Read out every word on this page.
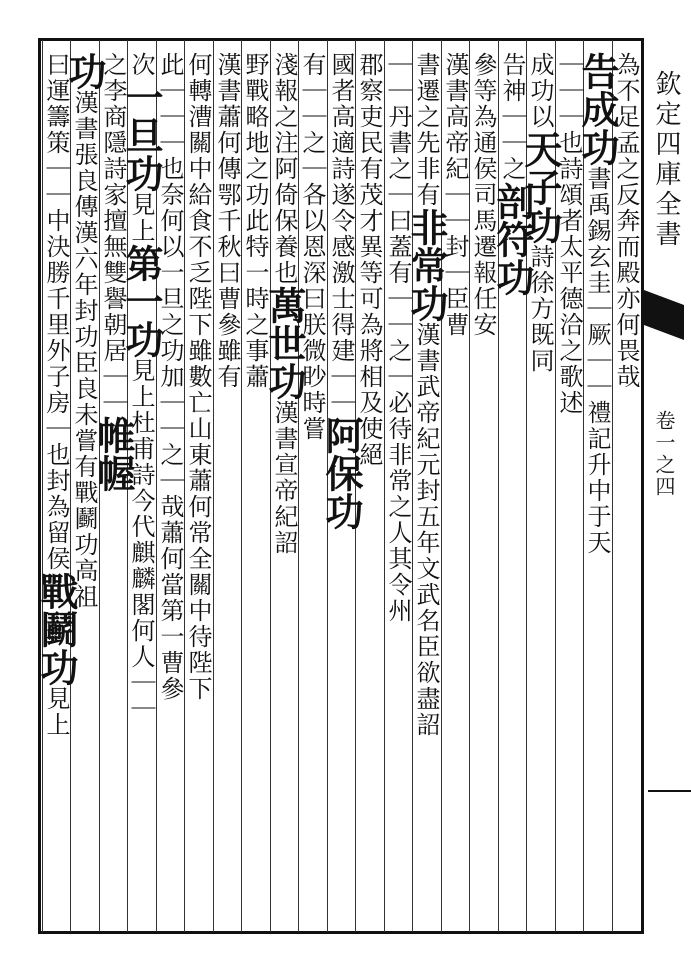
欽定四庫全書
卷一之四
為不足孟之反奔而殿亦何畏哉
告成功書禹錫玄圭｜厥｜｜禮記升中于天
｜｜｜也詩頌者太平德洽之歌述
成功以天子功詩徐方既同
告神｜｜之剖符功
參等為通侯司馬遷報任安
漢書高帝紀｜｜封｜臣曹
書遷之先非有非常功漢書武帝紀元封五年文武名臣欲盡詔
｜｜丹書之｜曰蓋有｜｜之｜必待非常之人其令州
郡察吏民有茂才異等可為將相及使絕
國者高適詩遂令感激士得建｜｜阿保功
有｜｜之｜各以恩深曰朕微眇時嘗
淺報之注阿倚保養也萬世功漢書宣帝紀詔
野戰略地之功此特一時之事蕭
漢書蕭何傳鄂千秋曰曹參雖有
何轉漕關中給食不乏陛下雖數亡山東蕭何常全關中待陛下
此｜｜｜也奈何以一旦之功加｜｜之｜哉蕭何當第一曹參
次一旦功見上第一功見上杜甫詩今代麒麟閣何人｜｜
之李商隱詩家擅無雙譽朝居｜｜帷幄
功漢書張良傳漢六年封功臣良未嘗有戰鬬功高祖
曰運籌策｜｜中決勝千里外子房｜也封為留侯戰鬬功見上
